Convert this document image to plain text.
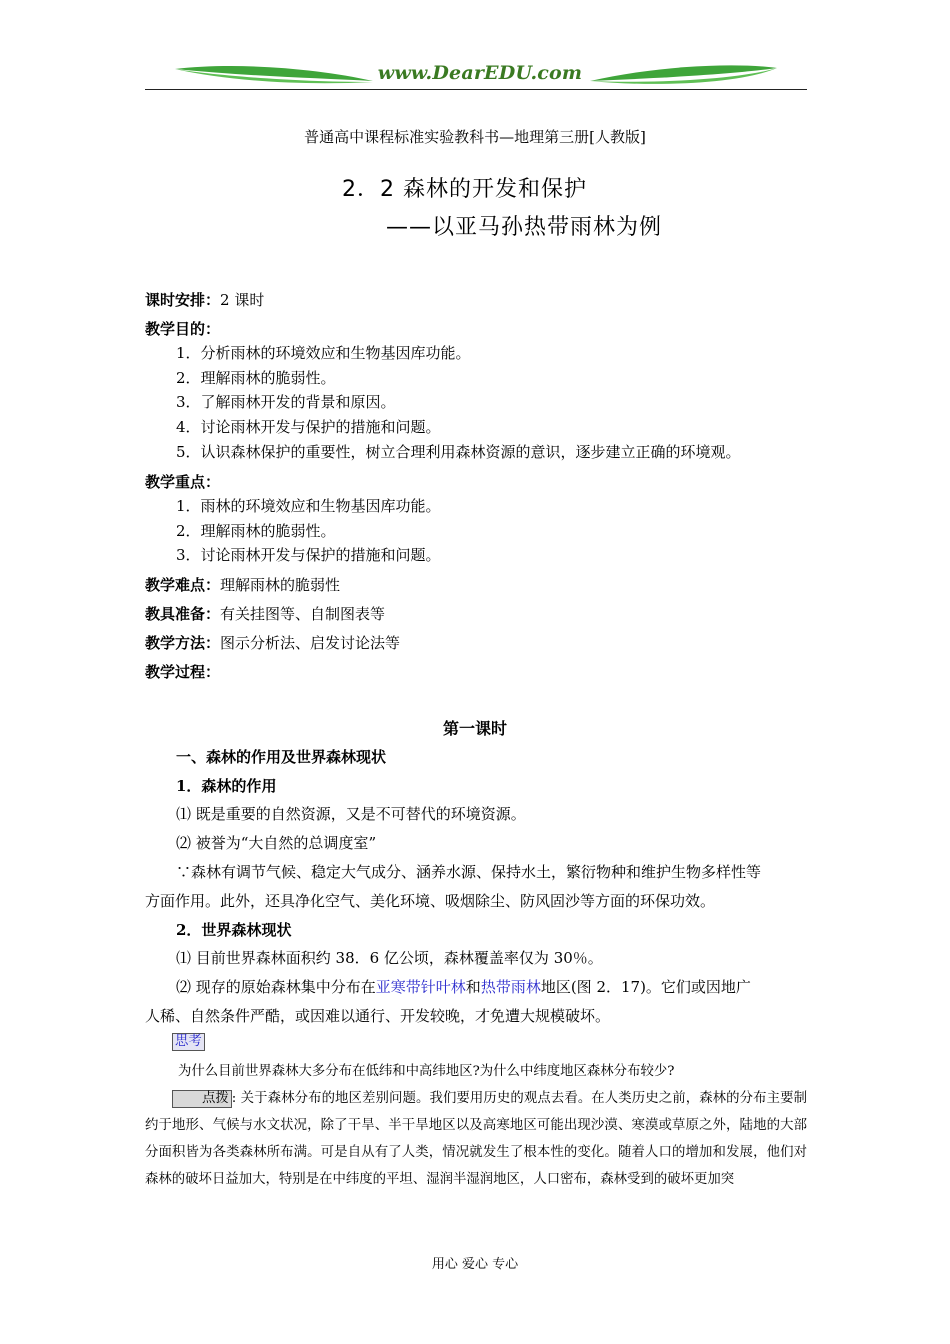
www.DearEDU.com
普通高中课程标准实验教科书—地理第三册[人教版]
2．2 森林的开发和保护
——以亚马孙热带雨林为例
课时安排：2 课时
教学目的：
1．分析雨林的环境效应和生物基因库功能。
2．理解雨林的脆弱性。
3．了解雨林开发的背景和原因。
4．讨论雨林开发与保护的措施和问题。
5．认识森林保护的重要性，树立合理利用森林资源的意识，逐步建立正确的环境观。
教学重点：
1．雨林的环境效应和生物基因库功能。
2．理解雨林的脆弱性。
3．讨论雨林开发与保护的措施和问题。
教学难点：理解雨林的脆弱性
教具准备：有关挂图等、自制图表等
教学方法：图示分析法、启发讨论法等
教学过程：
第一课时
一、森林的作用及世界森林现状
1．森林的作用
⑴ 既是重要的自然资源，又是不可替代的环境资源。
⑵ 被誉为“大自然的总调度室”
∵森林有调节气候、稳定大气成分、涵养水源、保持水土，繁衍物种和维护生物多样性等
方面作用。此外，还具净化空气、美化环境、吸烟除尘、防风固沙等方面的环保功效。
2．世界森林现状
⑴ 目前世界森林面积约 38．6 亿公顷，森林覆盖率仅为 30％。
⑵ 现存的原始森林集中分布在亚寒带针叶林和热带雨林地区(图 2．17)。它们或因地广
人稀、自然条件严酷，或因难以通行、开发较晚，才免遭大规模破坏。
思考
为什么目前世界森林大多分布在低纬和中高纬地区?为什么中纬度地区森林分布较少?
点拨 : 关于森林分布的地区差别问题。我们要用历史的观点去看。在人类历史之前，森林的分布主要制约于地形、气候与水文状况，除了干旱、半干旱地区以及高寒地区可能出现沙漠、寒漠或草原之外，陆地的大部分面积皆为各类森林所布满。可是自从有了人类，情况就发生了根本性的变化。随着人口的增加和发展，他们对森林的破坏日益加大，特别是在中纬度的平坦、湿润半湿润地区，人口密布，森林受到的破坏更加突
用心 爱心 专心
